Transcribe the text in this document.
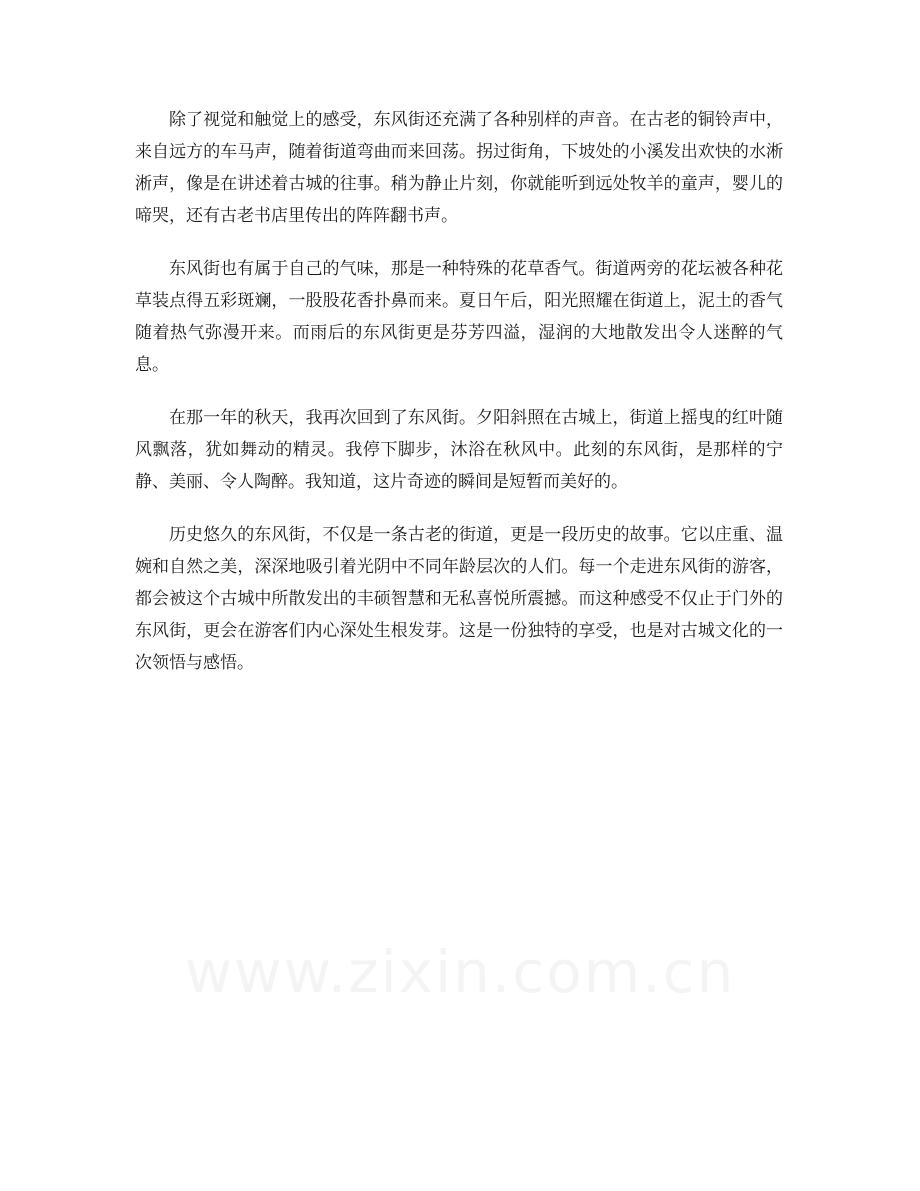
除了视觉和触觉上的感受，东风街还充满了各种别样的声音。在古老的铜铃声中，来自远方的车马声，随着街道弯曲而来回荡。拐过街角，下坡处的小溪发出欢快的水淅淅声，像是在讲述着古城的往事。稍为静止片刻，你就能听到远处牧羊的童声，婴儿的啼哭，还有古老书店里传出的阵阵翻书声。

东风街也有属于自己的气味，那是一种特殊的花草香气。街道两旁的花坛被各种花草装点得五彩斑斓，一股股花香扑鼻而来。夏日午后，阳光照耀在街道上，泥土的香气随着热气弥漫开来。而雨后的东风街更是芬芳四溢，湿润的大地散发出令人迷醉的气息。

在那一年的秋天，我再次回到了东风街。夕阳斜照在古城上，街道上摇曳的红叶随风飘落，犹如舞动的精灵。我停下脚步，沐浴在秋风中。此刻的东风街，是那样的宁静、美丽、令人陶醉。我知道，这片奇迹的瞬间是短暂而美好的。

历史悠久的东风街，不仅是一条古老的街道，更是一段历史的故事。它以庄重、温婉和自然之美，深深地吸引着光阴中不同年龄层次的人们。每一个走进东风街的游客，都会被这个古城中所散发出的丰硕智慧和无私喜悦所震撼。而这种感受不仅止于门外的东风街，更会在游客们内心深处生根发芽。这是一份独特的享受，也是对古城文化的一次领悟与感悟。
